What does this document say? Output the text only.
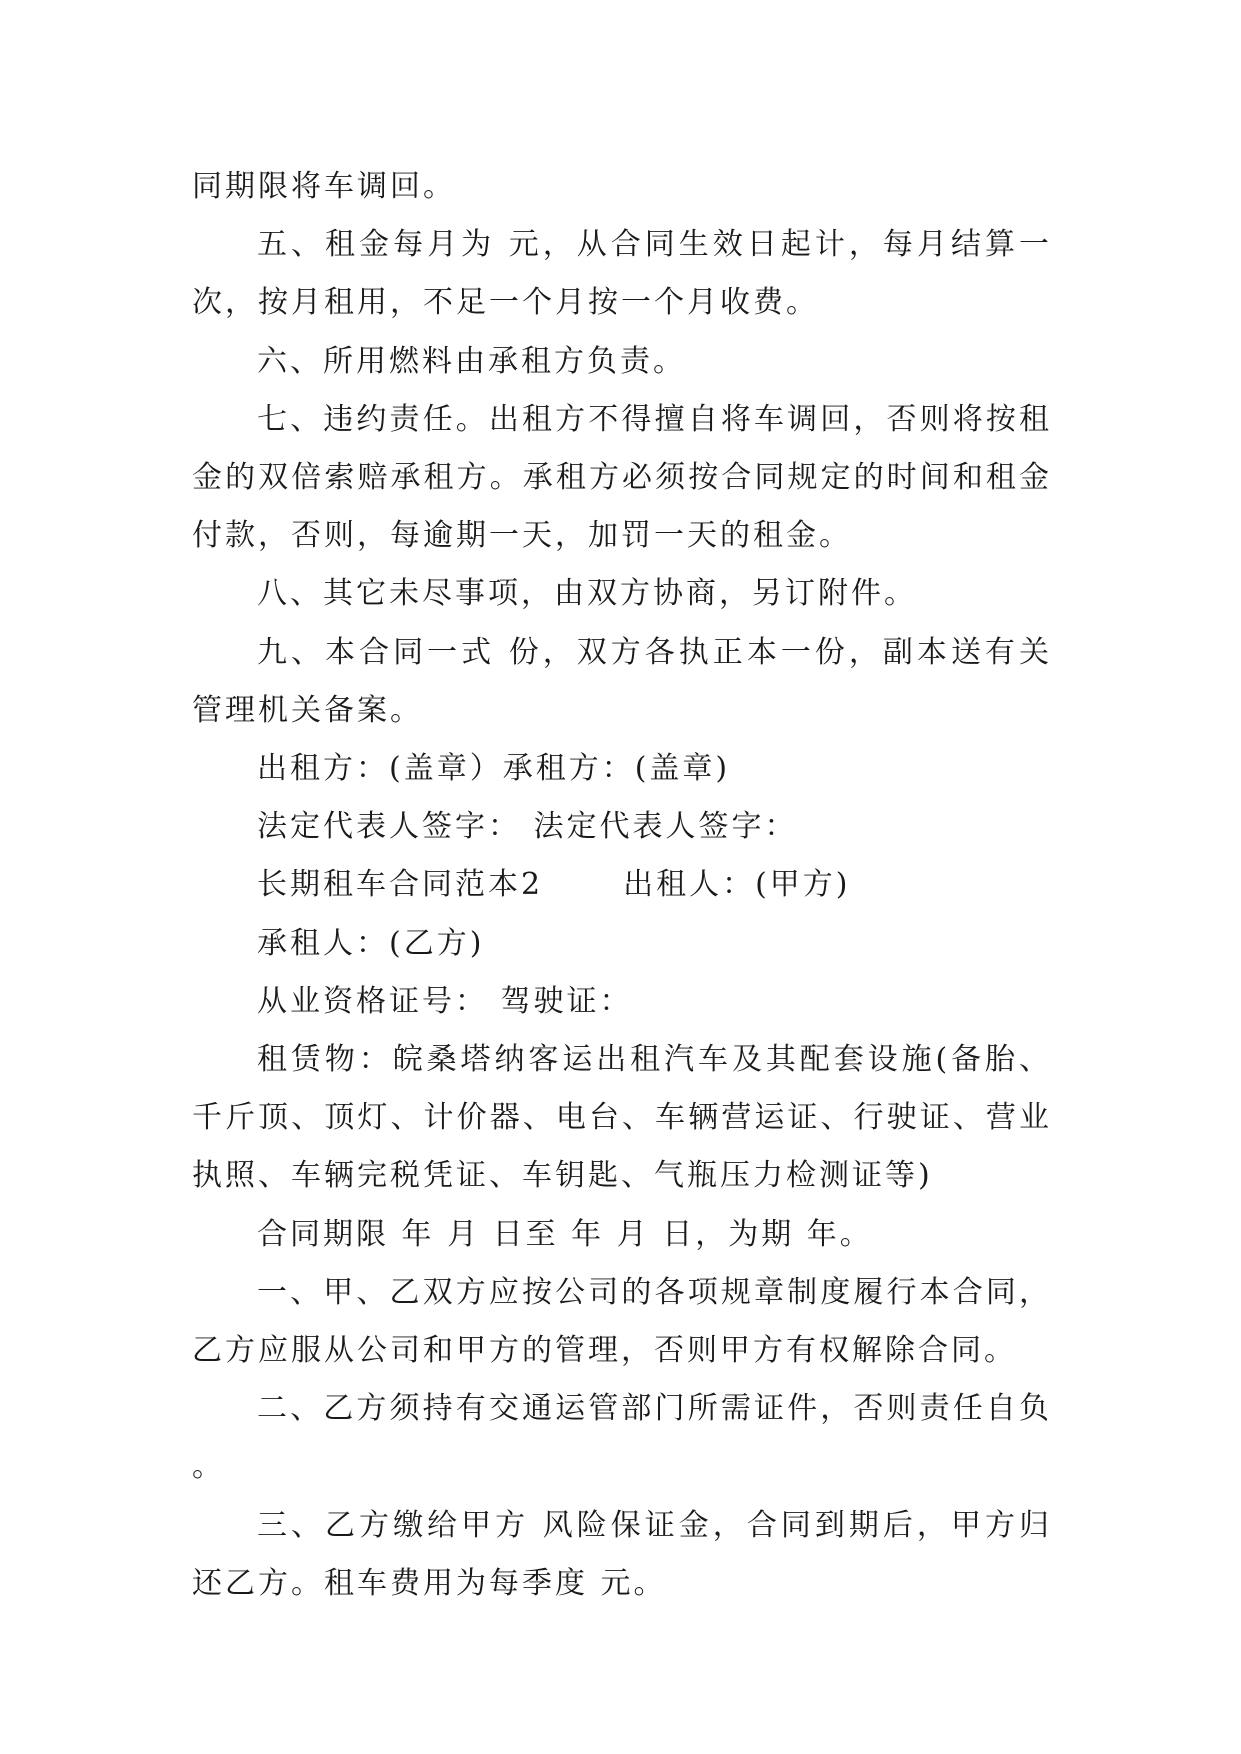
同期限将车调回。

五、租金每月为 元，从合同生效日起计，每月结算一次，按月租用，不足一个月按一个月收费。

六、所用燃料由承租方负责。

七、违约责任。出租方不得擅自将车调回，否则将按租金的双倍索赔承租方。承租方必须按合同规定的时间和租金付款，否则，每逾期一天，加罚一天的租金。

八、其它未尽事项，由双方协商，另订附件。

九、本合同一式 份，双方各执正本一份，副本送有关管理机关备案。

出租方：(盖章）承租方：(盖章)

法定代表人签字： 法定代表人签字：

长期租车合同范本2	出租人：(甲方)

承租人：(乙方)

从业资格证号： 驾驶证：

租赁物：皖桑塔纳客运出租汽车及其配套设施(备胎、千斤顶、顶灯、计价器、电台、车辆营运证、行驶证、营业执照、车辆完税凭证、车钥匙、气瓶压力检测证等)

合同期限 年 月 日至 年 月 日，为期 年。

一、甲、乙双方应按公司的各项规章制度履行本合同，乙方应服从公司和甲方的管理，否则甲方有权解除合同。

二、乙方须持有交通运管部门所需证件，否则责任自负。

三、乙方缴给甲方 风险保证金，合同到期后，甲方归还乙方。租车费用为每季度 元。
